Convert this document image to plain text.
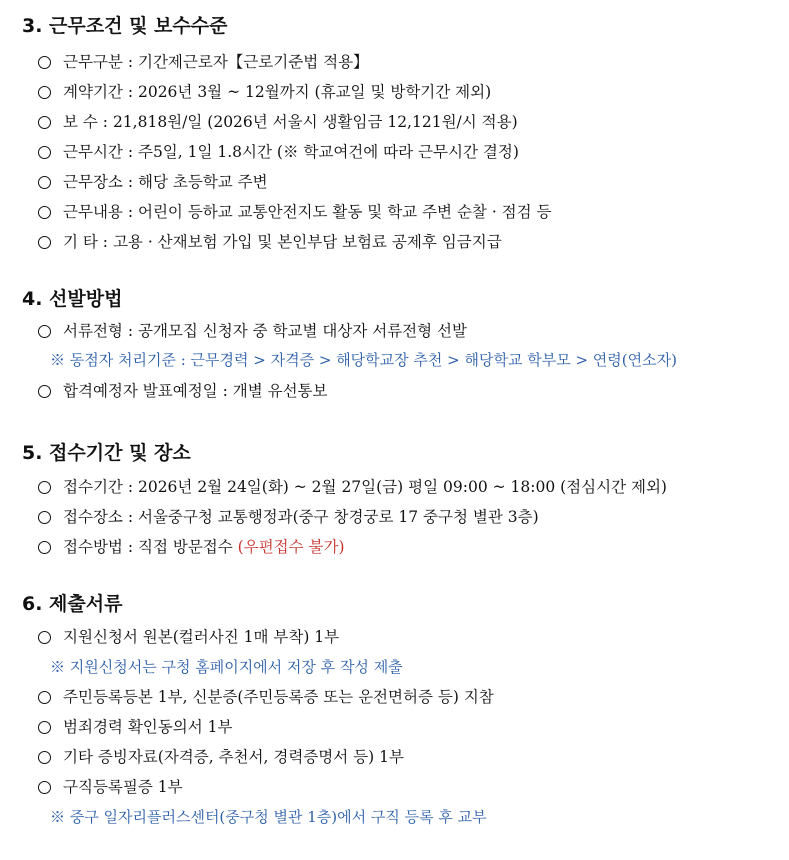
3. 근무조건 및 보수수준
근무구분 : 기간제근로자【근로기준법 적용】
계약기간 : 2026년 3월 ~ 12월까지 (휴교일 및 방학기간 제외)
보 수 : 21,818원/일 (2026년 서울시 생활임금 12,121원/시 적용)
근무시간 : 주5일, 1일 1.8시간 (※ 학교여건에 따라 근무시간 결정)
근무장소 : 해당 초등학교 주변
근무내용 : 어린이 등하교 교통안전지도 활동 및 학교 주변 순찰 · 점검 등
기 타 : 고용 · 산재보험 가입 및 본인부담 보험료 공제후 임금지급
4. 선발방법
서류전형 : 공개모집 신청자 중 학교별 대상자 서류전형 선발
※ 동점자 처리기준 : 근무경력 > 자격증 > 해당학교장 추천 > 해당학교 학부모 > 연령(연소자)
합격예정자 발표예정일 : 개별 유선통보
5. 접수기간 및 장소
접수기간 : 2026년 2월 24일(화) ~ 2월 27일(금) 평일 09:00 ~ 18:00 (점심시간 제외)
접수장소 : 서울중구청 교통행정과(중구 창경궁로 17 중구청 별관 3층)
접수방법 : 직접 방문접수 (우편접수 불가)
6. 제출서류
지원신청서 원본(컬러사진 1매 부착) 1부
※ 지원신청서는 구청 홈페이지에서 저장 후 작성 제출
주민등록등본 1부, 신분증(주민등록증 또는 운전면허증 등) 지참
범죄경력 확인동의서 1부
기타 증빙자료(자격증, 추천서, 경력증명서 등) 1부
구직등록필증 1부
※ 중구 일자리플러스센터(중구청 별관 1층)에서 구직 등록 후 교부
